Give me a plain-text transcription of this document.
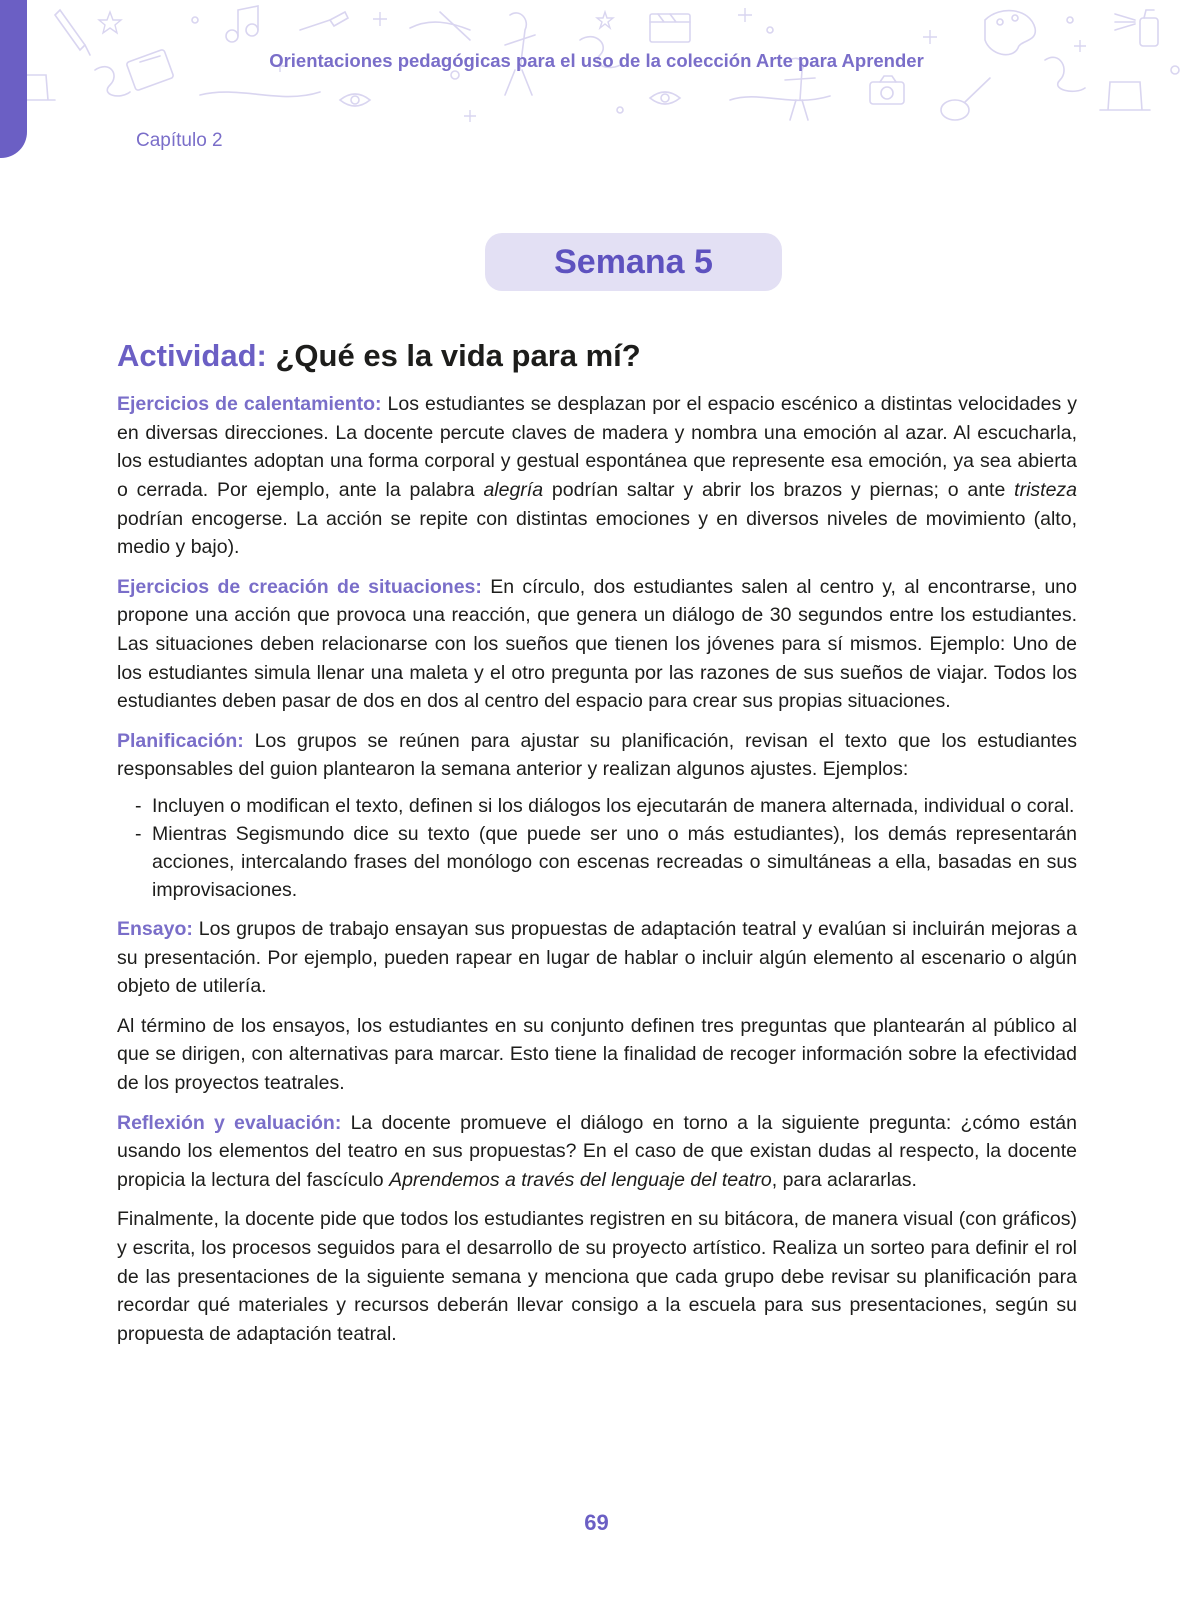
Orientaciones pedagógicas para el uso de la colección Arte para Aprender
Capítulo 2
Semana 5
Actividad: ¿Qué es la vida para mí?

Ejercicios de calentamiento: Los estudiantes se desplazan por el espacio escénico a distintas velocidades y en diversas direcciones. La docente percute claves de madera y nombra una emoción al azar. Al escucharla, los estudiantes adoptan una forma corporal y gestual espontánea que represente esa emoción, ya sea abierta o cerrada. Por ejemplo, ante la palabra alegría podrían saltar y abrir los brazos y piernas; o ante tristeza podrían encogerse. La acción se repite con distintas emociones y en diversos niveles de movimiento (alto, medio y bajo).

Ejercicios de creación de situaciones: En círculo, dos estudiantes salen al centro y, al encontrarse, uno propone una acción que provoca una reacción, que genera un diálogo de 30 segundos entre los estudiantes. Las situaciones deben relacionarse con los sueños que tienen los jóvenes para sí mismos. Ejemplo: Uno de los estudiantes simula llenar una maleta y el otro pregunta por las razones de sus sueños de viajar. Todos los estudiantes deben pasar de dos en dos al centro del espacio para crear sus propias situaciones.

Planificación: Los grupos se reúnen para ajustar su planificación, revisan el texto que los estudiantes responsables del guion plantearon la semana anterior y realizan algunos ajustes. Ejemplos:

- Incluyen o modifican el texto, definen si los diálogos los ejecutarán de manera alternada, individual o coral.
- Mientras Segismundo dice su texto (que puede ser uno o más estudiantes), los demás representarán acciones, intercalando frases del monólogo con escenas recreadas o simultáneas a ella, basadas en sus improvisaciones.

Ensayo: Los grupos de trabajo ensayan sus propuestas de adaptación teatral y evalúan si incluirán mejoras a su presentación. Por ejemplo, pueden rapear en lugar de hablar o incluir algún elemento al escenario o algún objeto de utilería.

Al término de los ensayos, los estudiantes en su conjunto definen tres preguntas que plantearán al público al que se dirigen, con alternativas para marcar. Esto tiene la finalidad de recoger información sobre la efectividad de los proyectos teatrales.

Reflexión y evaluación: La docente promueve el diálogo en torno a la siguiente pregunta: ¿cómo están usando los elementos del teatro en sus propuestas? En el caso de que existan dudas al respecto, la docente propicia la lectura del fascículo Aprendemos a través del lenguaje del teatro, para aclararlas.

Finalmente, la docente pide que todos los estudiantes registren en su bitácora, de manera visual (con gráficos) y escrita, los procesos seguidos para el desarrollo de su proyecto artístico. Realiza un sorteo para definir el rol de las presentaciones de la siguiente semana y menciona que cada grupo debe revisar su planificación para recordar qué materiales y recursos deberán llevar consigo a la escuela para sus presentaciones, según su propuesta de adaptación teatral.

69
